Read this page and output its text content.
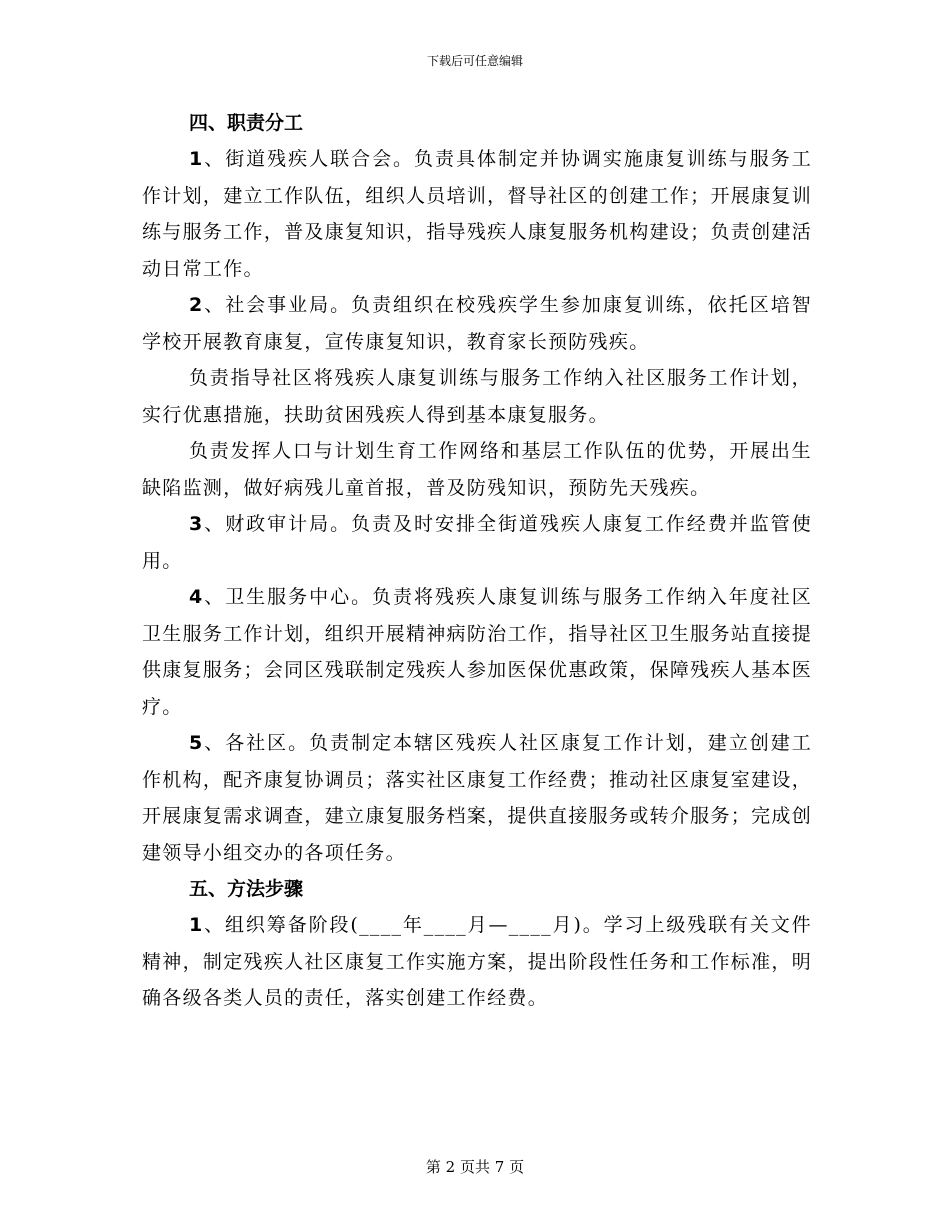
下载后可任意编辑
四、职责分工

1、街道残疾人联合会。负责具体制定并协调实施康复训练与服务工作计划，建立工作队伍，组织人员培训，督导社区的创建工作；开展康复训练与服务工作，普及康复知识，指导残疾人康复服务机构建设；负责创建活动日常工作。

2、社会事业局。负责组织在校残疾学生参加康复训练，依托区培智学校开展教育康复，宣传康复知识，教育家长预防残疾。

负责指导社区将残疾人康复训练与服务工作纳入社区服务工作计划，实行优惠措施，扶助贫困残疾人得到基本康复服务。

负责发挥人口与计划生育工作网络和基层工作队伍的优势，开展出生缺陷监测，做好病残儿童首报，普及防残知识，预防先天残疾。

3、财政审计局。负责及时安排全街道残疾人康复工作经费并监管使用。

4、卫生服务中心。负责将残疾人康复训练与服务工作纳入年度社区卫生服务工作计划，组织开展精神病防治工作，指导社区卫生服务站直接提供康复服务；会同区残联制定残疾人参加医保优惠政策，保障残疾人基本医疗。

5、各社区。负责制定本辖区残疾人社区康复工作计划，建立创建工作机构，配齐康复协调员；落实社区康复工作经费；推动社区康复室建设，开展康复需求调查，建立康复服务档案，提供直接服务或转介服务；完成创建领导小组交办的各项任务。

五、方法步骤

1、组织筹备阶段(____年____月—____月)。学习上级残联有关文件精神，制定残疾人社区康复工作实施方案，提出阶段性任务和工作标准，明确各级各类人员的责任，落实创建工作经费。

第 2 页共 7 页
